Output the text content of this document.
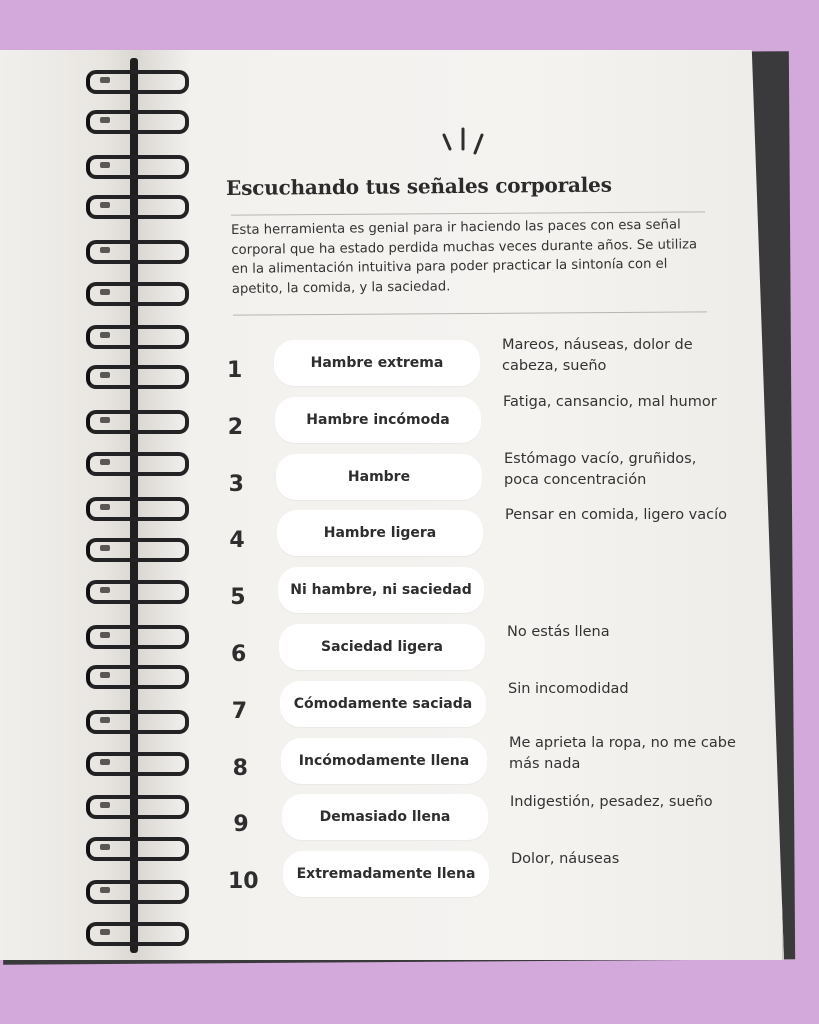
Escuchando tus señales corporales
Esta herramienta es genial para ir haciendo las paces con esa señal corporal que ha estado perdida muchas veces durante años. Se utiliza en la alimentación intuitiva para poder practicar la sintonía con el apetito, la comida, y la saciedad.
1	Hambre extrema
Mareos, náuseas, dolor de cabeza, sueño
2	Hambre incómoda
Fatiga, cansancio, mal humor
3	Hambre
Estómago vacío, gruñidos, poca concentración
4	Hambre ligera
Pensar en comida, ligero vacío
5	Ni hambre, ni saciedad
6	Saciedad ligera
No estás llena
7	Cómodamente saciada
Sin incomodidad
8	Incómodamente llena
Me aprieta la ropa, no me cabe más nada
9	Demasiado llena
Indigestión, pesadez, sueño
10	Extremadamente llena
Dolor, náuseas
